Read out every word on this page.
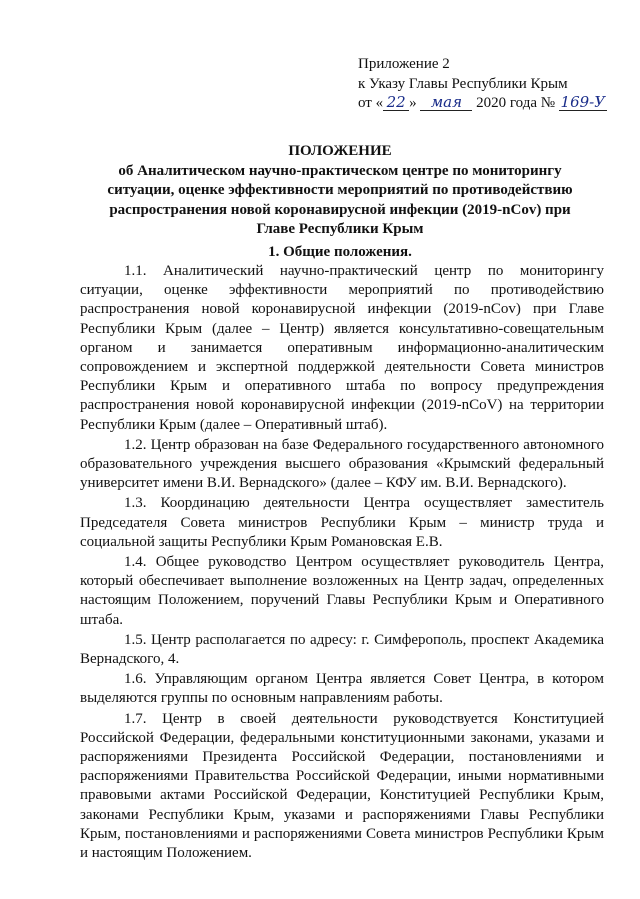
Приложение 2
к Указу Главы Республики Крым
от « 22 » мая 2020 года № 169-У
ПОЛОЖЕНИЕ
об Аналитическом научно-практическом центре по мониторингу
ситуации, оценке эффективности мероприятий по противодействию
распространения новой коронавирусной инфекции (2019-nCov) при
Главе Республики Крым
1. Общие положения.

1.1. Аналитический научно-практический центр по мониторингу ситуации, оценке эффективности мероприятий по противодействию распространения новой коронавирусной инфекции (2019-nCov) при Главе Республики Крым (далее – Центр) является консультативно-совещательным органом и занимается оперативным информационно-аналитическим сопровождением и экспертной поддержкой деятельности Совета министров Республики Крым и оперативного штаба по вопросу предупреждения распространения новой коронавирусной инфекции (2019-nCoV) на территории Республики Крым (далее – Оперативный штаб).

1.2. Центр образован на базе Федерального государственного автономного образовательного учреждения высшего образования «Крымский федеральный университет имени В.И. Вернадского» (далее – КФУ им. В.И. Вернадского).

1.3. Координацию деятельности Центра осуществляет заместитель Председателя Совета министров Республики Крым – министр труда и социальной защиты Республики Крым Романовская Е.В.

1.4. Общее руководство Центром осуществляет руководитель Центра, который обеспечивает выполнение возложенных на Центр задач, определенных настоящим Положением, поручений Главы Республики Крым и Оперативного штаба.

1.5. Центр располагается по адресу: г. Симферополь, проспект Академика Вернадского, 4.

1.6. Управляющим органом Центра является Совет Центра, в котором выделяются группы по основным направлениям работы.

1.7. Центр в своей деятельности руководствуется Конституцией Российской Федерации, федеральными конституционными законами, указами и распоряжениями Президента Российской Федерации, постановлениями и распоряжениями Правительства Российской Федерации, иными нормативными правовыми актами Российской Федерации, Конституцией Республики Крым, законами Республики Крым, указами и распоряжениями Главы Республики Крым, постановлениями и распоряжениями Совета министров Республики Крым и настоящим Положением.
